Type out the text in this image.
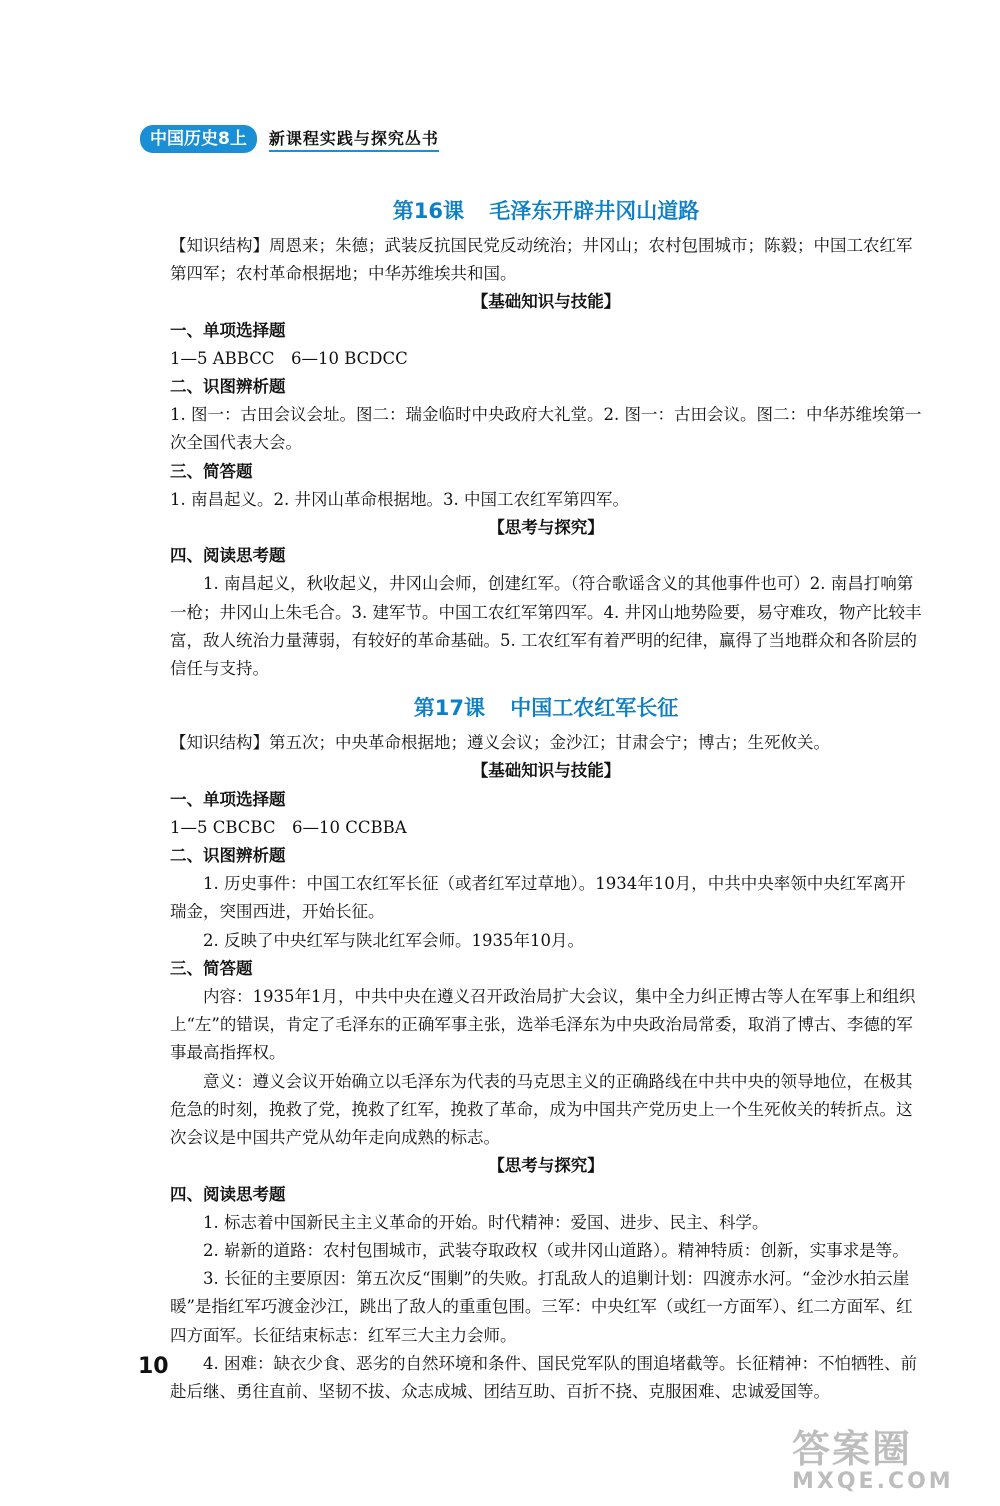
中国历史8上	新课程实践与探究丛书
第16课 毛泽东开辟井冈山道路

【知识结构】周恩来；朱德；武装反抗国民党反动统治；井冈山；农村包围城市；陈毅；中国工农红军第四军；农村革命根据地；中华苏维埃共和国。

【基础知识与技能】

一、单项选择题

1—5 ABBCC　6—10 BCDCC

二、识图辨析题

1. 图一：古田会议会址。图二：瑞金临时中央政府大礼堂。2. 图一：古田会议。图二：中华苏维埃第一次全国代表大会。

三、简答题

1. 南昌起义。2. 井冈山革命根据地。3. 中国工农红军第四军。

【思考与探究】

四、阅读思考题

1. 南昌起义，秋收起义，井冈山会师，创建红军。（符合歌谣含义的其他事件也可）2. 南昌打响第一枪；井冈山上朱毛合。3. 建军节。中国工农红军第四军。4. 井冈山地势险要，易守难攻，物产比较丰富，敌人统治力量薄弱，有较好的革命基础。5. 工农红军有着严明的纪律，赢得了当地群众和各阶层的信任与支持。

第17课 中国工农红军长征

【知识结构】第五次；中央革命根据地；遵义会议；金沙江；甘肃会宁；博古；生死攸关。

【基础知识与技能】

一、单项选择题

1—5 CBCBC　6—10 CCBBA

二、识图辨析题

1. 历史事件：中国工农红军长征（或者红军过草地）。1934年10月，中共中央率领中央红军离开瑞金，突围西进，开始长征。

2. 反映了中央红军与陕北红军会师。1935年10月。

三、简答题

内容：1935年1月，中共中央在遵义召开政治局扩大会议，集中全力纠正博古等人在军事上和组织上“左”的错误，肯定了毛泽东的正确军事主张，选举毛泽东为中央政治局常委，取消了博古、李德的军事最高指挥权。

意义：遵义会议开始确立以毛泽东为代表的马克思主义的正确路线在中共中央的领导地位，在极其危急的时刻，挽救了党，挽救了红军，挽救了革命，成为中国共产党历史上一个生死攸关的转折点。这次会议是中国共产党从幼年走向成熟的标志。

【思考与探究】

四、阅读思考题

1. 标志着中国新民主主义革命的开始。时代精神：爱国、进步、民主、科学。

2. 崭新的道路：农村包围城市，武装夺取政权（或井冈山道路）。精神特质：创新，实事求是等。

3. 长征的主要原因：第五次反“围剿”的失败。打乱敌人的追剿计划：四渡赤水河。“金沙水拍云崖暖”是指红军巧渡金沙江，跳出了敌人的重重包围。三军：中央红军（或红一方面军）、红二方面军、红四方面军。长征结束标志：红军三大主力会师。

4. 困难：缺衣少食、恶劣的自然环境和条件、国民党军队的围追堵截等。长征精神：不怕牺牲、前赴后继、勇往直前、坚韧不拔、众志成城、团结互助、百折不挠、克服困难、忠诚爱国等。

10
答案圈
MXQE.COM
